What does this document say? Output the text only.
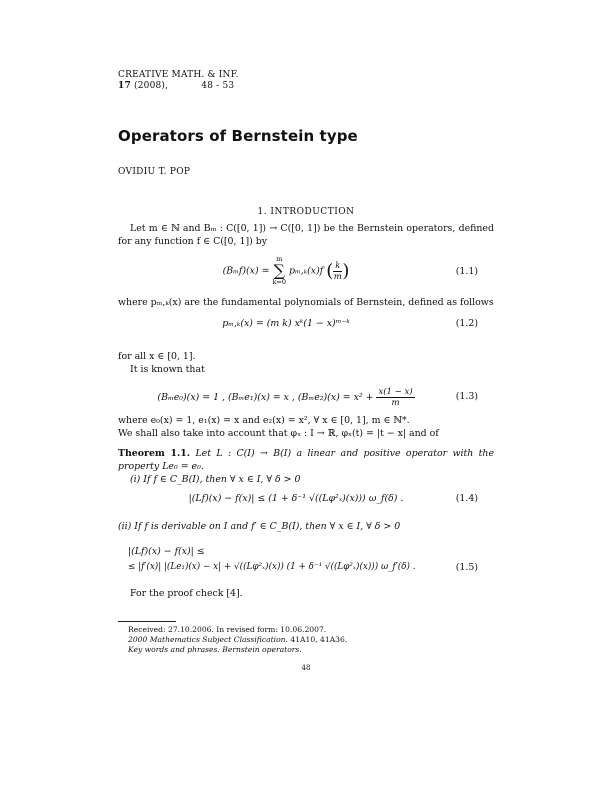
CREATIVE MATH. & INF.
17 (2008),	48 - 53
Operators of Bernstein type
OVIDIU T. POP
1. INTRODUCTION
Let m ∈ ℕ and Bₘ : C([0, 1]) → C([0, 1]) be the Bernstein operators, defined for any function f ∈ C([0, 1]) by
(Bₘf)(x) = m
∑
k=0 pₘ,ₖ(x)f ( $\frac{k}{m}$ )	(1.1)
where pₘ,ₖ(x) are the fundamental polynomials of Bernstein, defined as follows
pₘ,ₖ(x) = (m k) xᵏ(1 − x)ᵐ⁻ᵏ	(1.2)
for all x ∈ [0, 1].
It is known that
(Bₘe₀)(x) = 1 , (Bₘe₁)(x) = x , $(B_me_2)(x) = x^2 + \frac{x(1 - x)}{m}$	(1.3)
where e₀(x) = 1, e₁(x) = x and e₂(x) = x², ∀ x ∈ [0, 1], m ∈ ℕ*.
We shall also take into account that φₓ : I → ℝ, φₓ(t) = |t − x| and of
Theorem 1.1. Let L : C(I) → B(I) a linear and positive operator with the property Le₀ = e₀.
(i) If f ∈ C_B(I), then ∀ x ∈ I, ∀ δ > 0
|(Lf)(x) − f(x)| ≤ (1 + δ⁻¹ √((Lφ²ₓ)(x))) ω_f(δ) .	(1.4)
(ii) If f is derivable on I and f′ ∈ C_B(I), then ∀ x ∈ I, ∀ δ > 0
|(Lf)(x) − f(x)| ≤
≤ |f′(x)| |(Le₁)(x) − x| + √((Lφ²ₓ)(x)) (1 + δ⁻¹ √((Lφ²ₓ)(x))) ω_f′(δ) .	(1.5)
For the proof check [4].
Received: 27.10.2006. In revised form: 10.06.2007.
2000 Mathematics Subject Classification. 41A10, 41A36.
Key words and phrases. Bernstein operators.
48
